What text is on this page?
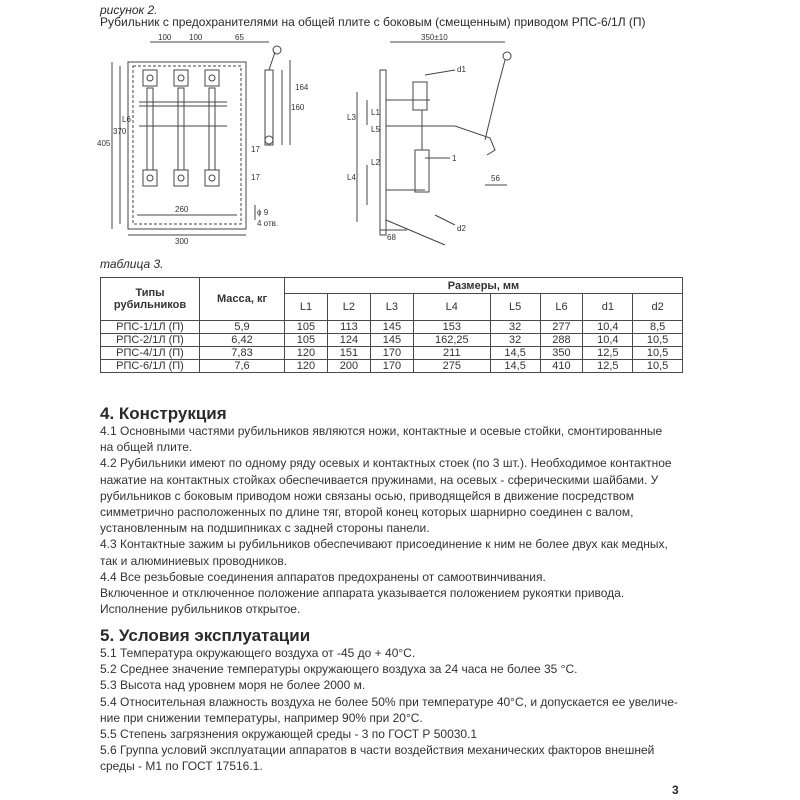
рисунок 2.
Рубильник с предохранителями на общей плите с боковым (смещенным) приводом РПС-6/1Л (П)
100 100	65
405
370
L6
160
164
17
17
260
300
ϕ 9
4 отв.
350±10
L3
L1
L5
L2
L4
d1
d2
1
68
56
таблица 3.
Типы рубильников	Масса, кг	Размеры, мм							
		L1	L2	L3	L4	L5	L6	d1	d2
РПС-1/1Л (П)	5,9	105	113	145	153	32	277	10,4	8,5
РПС-2/1Л (П)	6,42	105	124	145	162,25	32	288	10,4	10,5
РПС-4/1Л (П)	7,83	120	151	170	211	14,5	350	12,5	10,5
РПС-6/1Л (П)	7,6	120	200	170	275	14,5	410	12,5	10,5
4. Конструкция
4.1 Основными частями рубильников являются ножи, контактные и осевые стойки, смонтированные
на общей плите.
4.2 Рубильники имеют по одному ряду осевых и контактных стоек (по 3 шт.). Необходимое контактное
нажатие на контактных стойках обеспечивается пружинами, на осевых - сферическими шайбами. У
рубильников с боковым приводом ножи связаны осью, приводящейся в движение посредством
симметрично расположенных по длине тяг, второй конец которых шарнирно соединен с валом,
установленным на подшипниках с задней стороны панели.
4.3 Контактные зажим ы рубильников обеспечивают присоединение к ним не более двух как медных,
так и алюминиевых проводников.
4.4 Все резьбовые соединения аппаратов предохранены от самоотвинчивания.
Включенное и отключенное положение аппарата указывается положением рукоятки привода.
Исполнение рубильников открытое.
5. Условия эксплуатации
5.1 Температура окружающего воздуха от -45 до + 40°С.
5.2 Среднее значение температуры окружающего воздуха за 24 часа не более 35 °С.
5.3 Высота над уровнем моря не более 2000 м.
5.4 Относительная влажность воздуха не более 50% при температуре 40°С, и допускается ее увеличе-
ние при снижении температуры, например 90% при 20°С.
5.5 Степень загрязнения окружающей среды - 3 по ГОСТ Р 50030.1
5.6 Группа условий эксплуатации аппаратов в части воздействия механических факторов внешней
среды - М1 по ГОСТ 17516.1.
3
